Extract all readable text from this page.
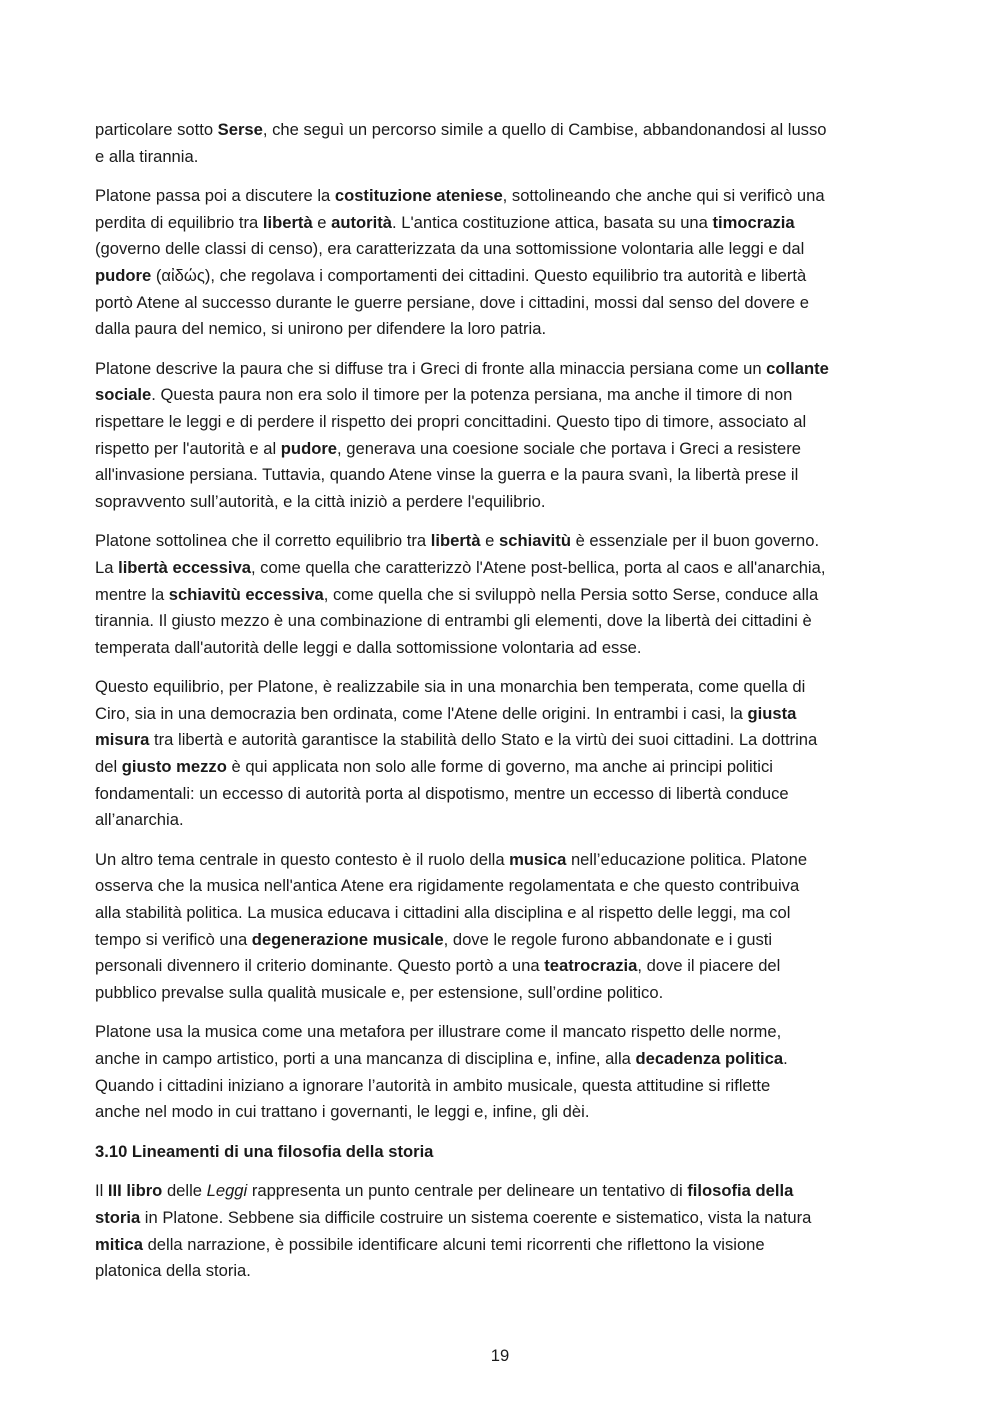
particolare sotto Serse, che seguì un percorso simile a quello di Cambise, abbandonandosi al lusso
e alla tirannia.

Platone passa poi a discutere la costituzione ateniese, sottolineando che anche qui si verificò una
perdita di equilibrio tra libertà e autorità. L'antica costituzione attica, basata su una timocrazia
(governo delle classi di censo), era caratterizzata da una sottomissione volontaria alle leggi e dal
pudore (αἰδώς), che regolava i comportamenti dei cittadini. Questo equilibrio tra autorità e libertà
portò Atene al successo durante le guerre persiane, dove i cittadini, mossi dal senso del dovere e
dalla paura del nemico, si unirono per difendere la loro patria.

Platone descrive la paura che si diffuse tra i Greci di fronte alla minaccia persiana come un collante
sociale. Questa paura non era solo il timore per la potenza persiana, ma anche il timore di non
rispettare le leggi e di perdere il rispetto dei propri concittadini. Questo tipo di timore, associato al
rispetto per l'autorità e al pudore, generava una coesione sociale che portava i Greci a resistere
all'invasione persiana. Tuttavia, quando Atene vinse la guerra e la paura svanì, la libertà prese il
sopravvento sull’autorità, e la città iniziò a perdere l'equilibrio.

Platone sottolinea che il corretto equilibrio tra libertà e schiavitù è essenziale per il buon governo.
La libertà eccessiva, come quella che caratterizzò l'Atene post-bellica, porta al caos e all'anarchia,
mentre la schiavitù eccessiva, come quella che si sviluppò nella Persia sotto Serse, conduce alla
tirannia. Il giusto mezzo è una combinazione di entrambi gli elementi, dove la libertà dei cittadini è
temperata dall'autorità delle leggi e dalla sottomissione volontaria ad esse.

Questo equilibrio, per Platone, è realizzabile sia in una monarchia ben temperata, come quella di
Ciro, sia in una democrazia ben ordinata, come l'Atene delle origini. In entrambi i casi, la giusta
misura tra libertà e autorità garantisce la stabilità dello Stato e la virtù dei suoi cittadini. La dottrina
del giusto mezzo è qui applicata non solo alle forme di governo, ma anche ai principi politici
fondamentali: un eccesso di autorità porta al dispotismo, mentre un eccesso di libertà conduce
all’anarchia.

Un altro tema centrale in questo contesto è il ruolo della musica nell’educazione politica. Platone
osserva che la musica nell'antica Atene era rigidamente regolamentata e che questo contribuiva
alla stabilità politica. La musica educava i cittadini alla disciplina e al rispetto delle leggi, ma col
tempo si verificò una degenerazione musicale, dove le regole furono abbandonate e i gusti
personali divennero il criterio dominante. Questo portò a una teatrocrazia, dove il piacere del
pubblico prevalse sulla qualità musicale e, per estensione, sull’ordine politico.

Platone usa la musica come una metafora per illustrare come il mancato rispetto delle norme,
anche in campo artistico, porti a una mancanza di disciplina e, infine, alla decadenza politica.
Quando i cittadini iniziano a ignorare l’autorità in ambito musicale, questa attitudine si riflette
anche nel modo in cui trattano i governanti, le leggi e, infine, gli dèi.

3.10 Lineamenti di una filosofia della storia

Il III libro delle Leggi rappresenta un punto centrale per delineare un tentativo di filosofia della
storia in Platone. Sebbene sia difficile costruire un sistema coerente e sistematico, vista la natura
mitica della narrazione, è possibile identificare alcuni temi ricorrenti che riflettono la visione
platonica della storia.

19
